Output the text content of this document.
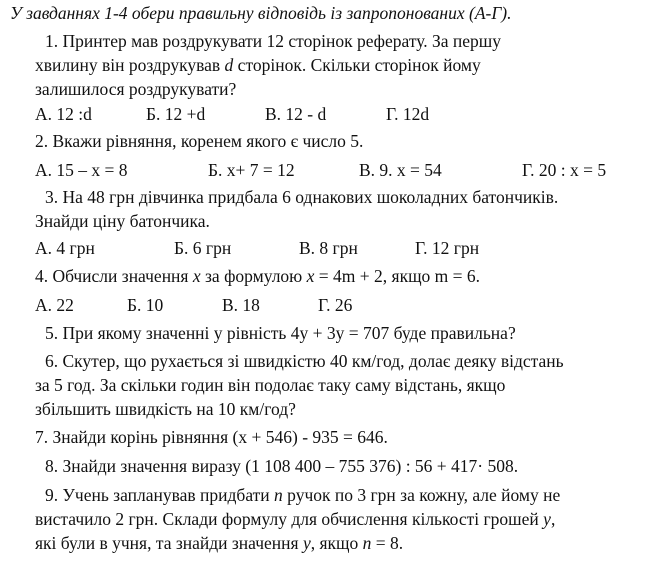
У завданнях 1-4 обери правильну відповідь із запропонованих (А-Г).
1. Принтер мав роздрукувати 12 сторінок реферату. За першу
хвилину він роздрукував d сторінок. Скільки сторінок йому
залишилося роздрукувати?
А. 12 :d	Б. 12 +d	В. 12 - d	Г. 12d
2. Вкажи рівняння, коренем якого є число 5.
А. 15 – х = 8	Б. х+ 7 = 12	В. 9. х = 54	Г. 20 : х = 5
3. На 48 грн дівчинка придбала 6 однакових шоколадних батончиків.
Знайди ціну батончика.
А. 4 грн	Б. 6 грн	В. 8 грн	Г. 12 грн
4. Обчисли значення х за формулою х = 4m + 2, якщо m = 6.
А. 22	Б. 10	В. 18	Г. 26
5. При якому значенні у рівність 4у + 3у = 707 буде правильна?
6. Скутер, що рухається зі швидкістю 40 км/год, долає деяку відстань
за 5 год. За скільки годин він подолає таку саму відстань, якщо
збільшить швидкість на 10 км/год?
7. Знайди корінь рівняння (х + 546) - 935 = 646.
8. Знайди значення виразу (1 108 400 – 755 376) : 56 + 417· 508.
9. Учень запланував придбати n ручок по 3 грн за кожну, але йому не
вистачило 2 грн. Склади формулу для обчислення кількості грошей у,
які були в учня, та знайди значення у, якщо n = 8.
